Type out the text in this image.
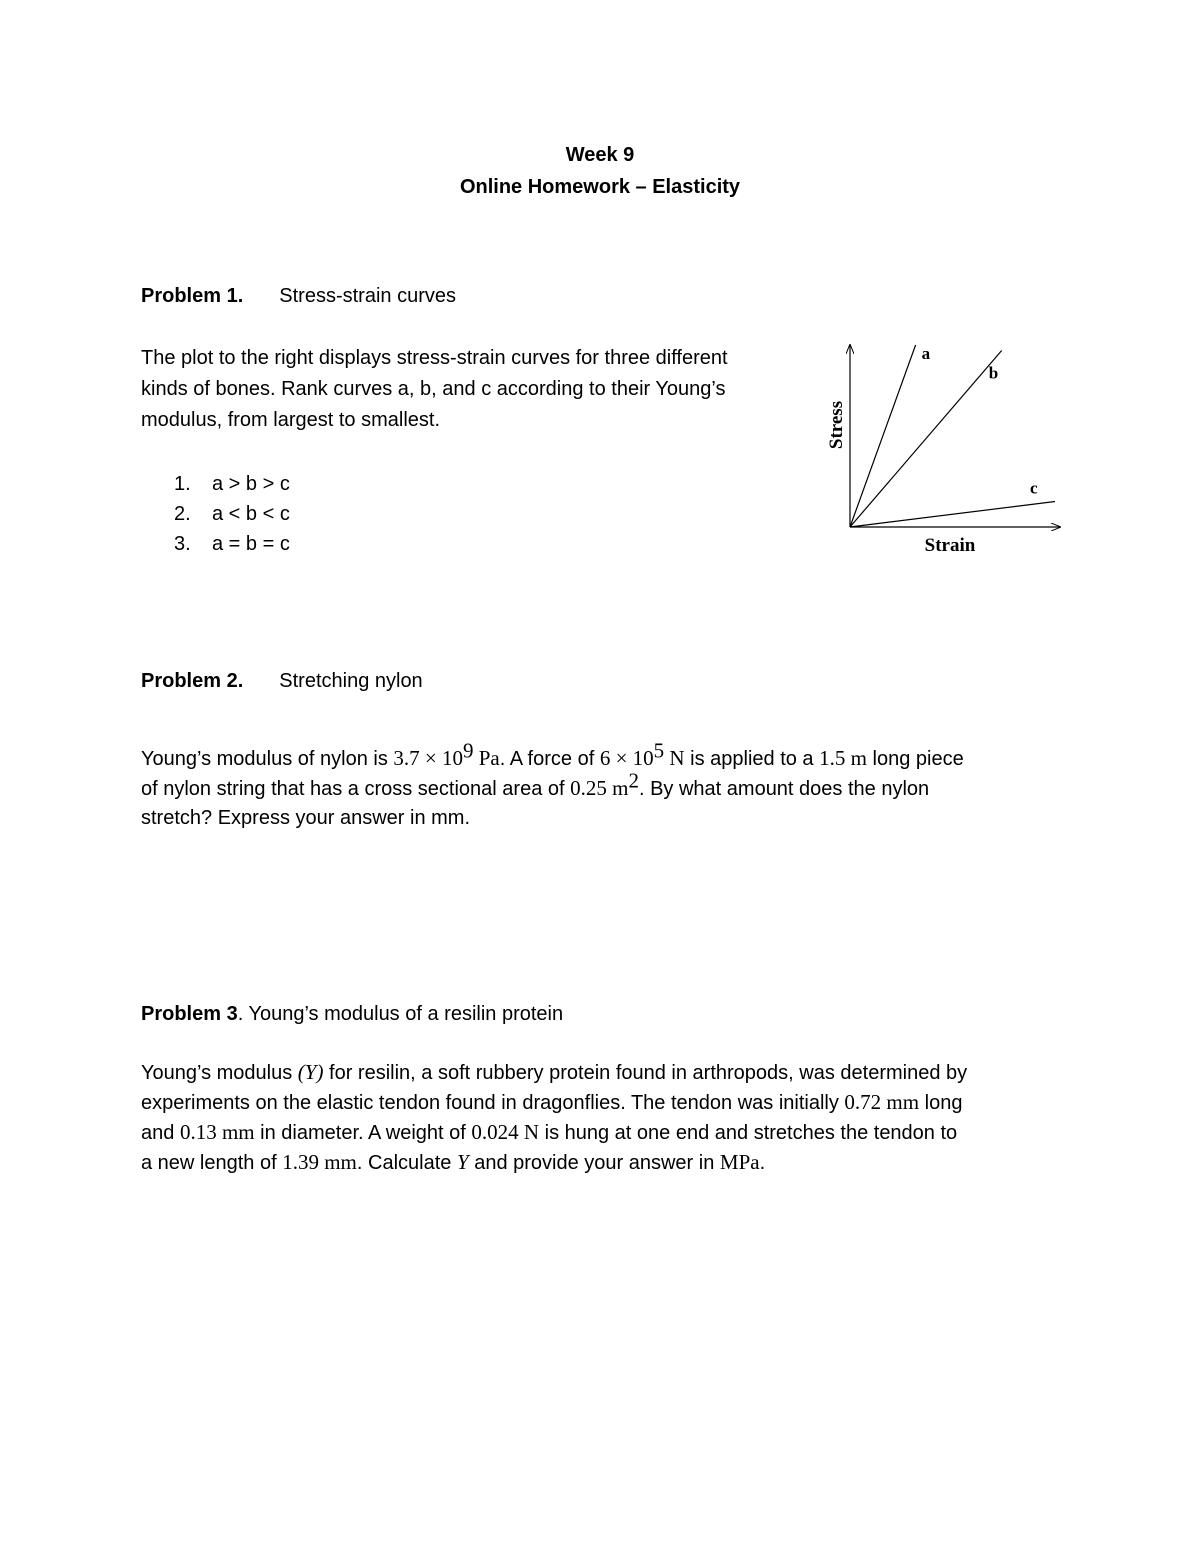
Week 9
Online Homework – Elasticity
Problem 1. Stress-strain curves
The plot to the right displays stress-strain curves for three different
kinds of bones. Rank curves a, b, and c according to their Young’s
modulus, from largest to smallest.
1. a > b > c
2. a < b < c
3. a = b = c
a
b
c
Strain
Stress
Problem 2. Stretching nylon
Young’s modulus of nylon is $3.7 \times 10^9$ Pa. A force of $6 \times 10^5$ N is applied to a 1.5 m long piece
of nylon string that has a cross sectional area of 0.25 $m^2$. By what amount does the nylon
stretch? Express your answer in mm.
Problem 3. Young’s modulus of a resilin protein
Young’s modulus (Y) for resilin, a soft rubbery protein found in arthropods, was determined by
experiments on the elastic tendon found in dragonflies. The tendon was initially 0.72 mm long
and 0.13 mm in diameter. A weight of 0.024 N is hung at one end and stretches the tendon to
a new length of 1.39 mm. Calculate Y and provide your answer in MPa.
